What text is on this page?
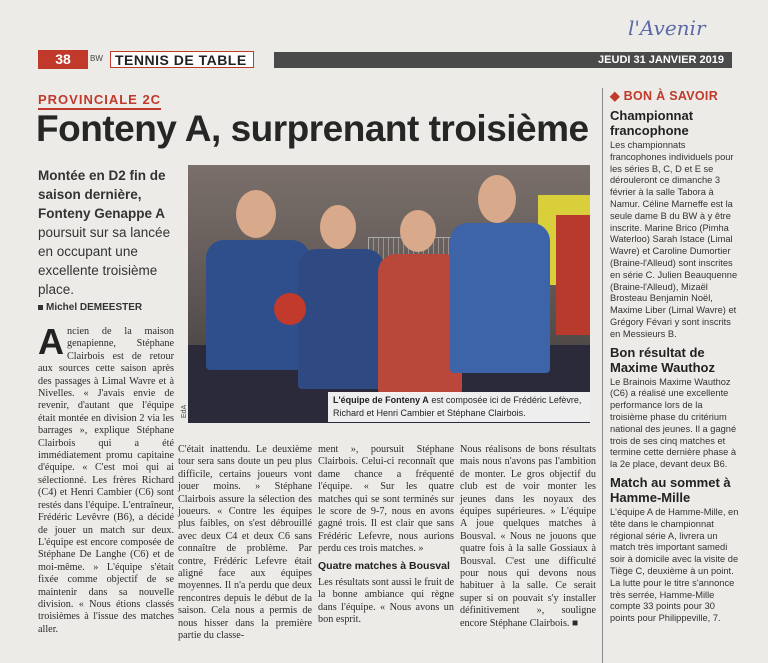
l'Avenir
38	BW TENNIS DE TABLE	JEUDI 31 JANVIER 2019
PROVINCIALE 2C
Fonteny A, surprenant troisième
Montée en D2 fin de saison dernière, Fonteny Genappe A poursuit sur sa lancée en occupant une excellente troisième place.
Michel DEMEESTER
Ancien de la maison genapienne, Stéphane Clairbois est de retour aux sources cette saison après des passages à Limal Wavre et à Nivelles. « J'avais envie de revenir, d'autant que l'équipe était montée en division 2 via les barrages », explique Stéphane Clairbois qui a été immédiatement promu capitaine d'équipe. « C'est moi qui ai sélectionné. Les frères Richard (C4) et Henri Cambier (C6) sont restés dans l'équipe. L'entraîneur, Frédéric Levêvre (B6), a décidé de jouer un match sur deux. L'équipe est encore composée de Stéphane De Langhe (C6) et de moi-même. » L'équipe s'était fixée comme objectif de se maintenir dans sa nouvelle division. « Nous étions classés troisièmes à l'issue des matches aller.
EdA
L'équipe de Fonteny A est composée ici de Frédéric Lefèvre, Richard et Henri Cambier et Stéphane Clairbois.

C'était inattendu. Le deuxième tour sera sans doute un peu plus difficile, certains joueurs vont jouer moins. » Stéphane Clairbois assure la sélection des joueurs. « Contre les équipes plus faibles, on s'est débrouillé avec deux C4 et deux C6 sans connaître de problème. Par contre, Frédéric Lefevre était aligné face aux équipes moyennes. Il n'a perdu que deux rencontres depuis le début de la saison. Cela nous a permis de nous hisser dans la première partie du classe-

ment », poursuit Stéphane Clairbois. Celui-ci reconnaît que dame chance a fréquenté l'équipe. « Sur les quatre matches qui se sont terminés sur le score de 9-7, nous en avons gagné trois. Il est clair que sans Frédéric Lefevre, nous aurions perdu ces trois matches. »

Quatre matches à Bousval

Les résultats sont aussi le fruit de la bonne ambiance qui règne dans l'équipe. « Nous avons un bon esprit.

Nous réalisons de bons résultats mais nous n'avons pas l'ambition de monter. Le gros objectif du club est de voir monter les jeunes dans les noyaux des équipes supérieures. » L'équipe A joue quelques matches à Bousval. « Nous ne jouons que quatre fois à la salle Gossiaux à Bousval. C'est une difficulté pour nous qui devons nous habituer à la salle. Ce serait super si on pouvait s'y installer définitivement », souligne encore Stéphane Clairbois. ■

◆ BON À SAVOIR
Championnat francophone

Les championnats francophones individuels pour les séries B, C, D et E se dérouleront ce dimanche 3 février à la salle Tabora à Namur. Céline Marneffe est la seule dame B du BW à y être inscrite. Marine Brico (Pimha Waterloo) Sarah Istace (Limal Wavre) et Caroline Dumortier (Braine-l'Alleud) sont inscrites en série C. Julien Beauquenne (Braine-l'Alleud), Mizaël Brosteau Benjamin Noël, Maxime Liber (Limal Wavre) et Grégory Févari y sont inscrits en Messieurs B.

Bon résultat de Maxime Wauthoz

Le Brainois Maxime Wauthoz (C6) a réalisé une excellente performance lors de la troisième phase du critérium national des jeunes. Il a gagné trois de ses cinq matches et termine cette dernière phase à la 2e place, devant deux B6.

Match au sommet à Hamme-Mille

L'équipe A de Hamme-Mille, en tête dans le championnat régional série A, livrera un match très important samedi soir à domicile avec la visite de Tiège C, deuxième à un point. La lutte pour le titre s'annonce très serrée, Hamme-Mille compte 33 points pour 30 points pour Philippeville, 7.
